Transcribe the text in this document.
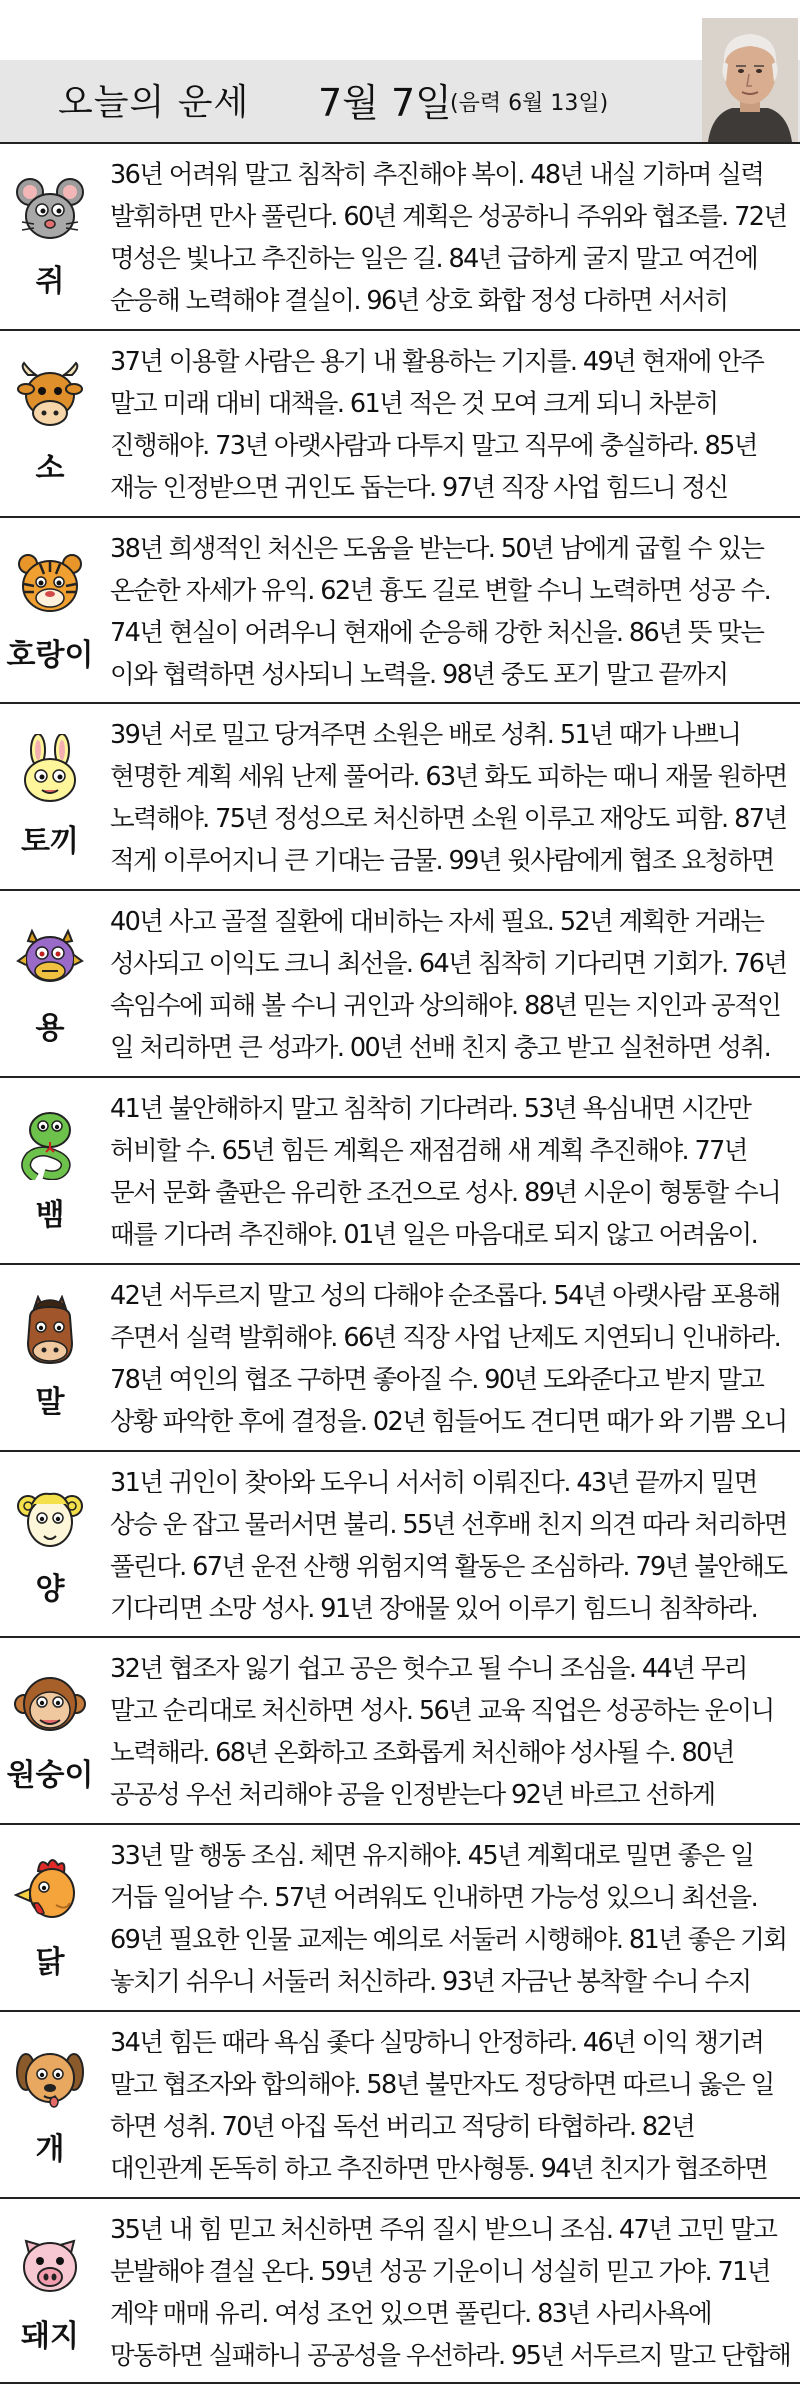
오늘의 운세 7월 7일
(음력 6월 13일)
쥐
36년 어려워 말고 침착히 추진해야 복이. 48년 내실 기하며 실력 발휘하면 만사 풀린다. 60년 계획은 성공하니 주위와 협조를. 72년 명성은 빛나고 추진하는 일은 길. 84년 급하게 굴지 말고 여건에 순응해 노력해야 결실이. 96년 상호 화합 정성 다하면 서서히
소
37년 이용할 사람은 용기 내 활용하는 기지를. 49년 현재에 안주 말고 미래 대비 대책을. 61년 적은 것 모여 크게 되니 차분히 진행해야. 73년 아랫사람과 다투지 말고 직무에 충실하라. 85년 재능 인정받으면 귀인도 돕는다. 97년 직장 사업 힘드니 정신
호랑이
38년 희생적인 처신은 도움을 받는다. 50년 남에게 굽힐 수 있는 온순한 자세가 유익. 62년 흉도 길로 변할 수니 노력하면 성공 수. 74년 현실이 어려우니 현재에 순응해 강한 처신을. 86년 뜻 맞는 이와 협력하면 성사되니 노력을. 98년 중도 포기 말고 끝까지
토끼
39년 서로 밀고 당겨주면 소원은 배로 성취. 51년 때가 나쁘니 현명한 계획 세워 난제 풀어라. 63년 화도 피하는 때니 재물 원하면 노력해야. 75년 정성으로 처신하면 소원 이루고 재앙도 피함. 87년 적게 이루어지니 큰 기대는 금물. 99년 윗사람에게 협조 요청하면
용
40년 사고 골절 질환에 대비하는 자세 필요. 52년 계획한 거래는 성사되고 이익도 크니 최선을. 64년 침착히 기다리면 기회가. 76년 속임수에 피해 볼 수니 귀인과 상의해야. 88년 믿는 지인과 공적인 일 처리하면 큰 성과가. 00년 선배 친지 충고 받고 실천하면 성취.
뱀
41년 불안해하지 말고 침착히 기다려라. 53년 욕심내면 시간만 허비할 수. 65년 힘든 계획은 재점검해 새 계획 추진해야. 77년 문서 문화 출판은 유리한 조건으로 성사. 89년 시운이 형통할 수니 때를 기다려 추진해야. 01년 일은 마음대로 되지 않고 어려움이.
말
42년 서두르지 말고 성의 다해야 순조롭다. 54년 아랫사람 포용해 주면서 실력 발휘해야. 66년 직장 사업 난제도 지연되니 인내하라. 78년 여인의 협조 구하면 좋아질 수. 90년 도와준다고 받지 말고 상황 파악한 후에 결정을. 02년 힘들어도 견디면 때가 와 기쁨 오니
양
31년 귀인이 찾아와 도우니 서서히 이뤄진다. 43년 끝까지 밀면 상승 운 잡고 물러서면 불리. 55년 선후배 친지 의견 따라 처리하면 풀린다. 67년 운전 산행 위험지역 활동은 조심하라. 79년 불안해도 기다리면 소망 성사. 91년 장애물 있어 이루기 힘드니 침착하라.
원숭이
32년 협조자 잃기 쉽고 공은 헛수고 될 수니 조심을. 44년 무리 말고 순리대로 처신하면 성사. 56년 교육 직업은 성공하는 운이니 노력해라. 68년 온화하고 조화롭게 처신해야 성사될 수. 80년 공공성 우선 처리해야 공을 인정받는다 92년 바르고 선하게
닭
33년 말 행동 조심. 체면 유지해야. 45년 계획대로 밀면 좋은 일 거듭 일어날 수. 57년 어려워도 인내하면 가능성 있으니 최선을. 69년 필요한 인물 교제는 예의로 서둘러 시행해야. 81년 좋은 기회 놓치기 쉬우니 서둘러 처신하라. 93년 자금난 봉착할 수니 수지
개
34년 힘든 때라 욕심 좇다 실망하니 안정하라. 46년 이익 챙기려 말고 협조자와 합의해야. 58년 불만자도 정당하면 따르니 옳은 일 하면 성취. 70년 아집 독선 버리고 적당히 타협하라. 82년 대인관계 돈독히 하고 추진하면 만사형통. 94년 친지가 협조하면
돼지
35년 내 힘 믿고 처신하면 주위 질시 받으니 조심. 47년 고민 말고 분발해야 결실 온다. 59년 성공 기운이니 성실히 믿고 가야. 71년 계약 매매 유리. 여성 조언 있으면 풀린다. 83년 사리사욕에 망동하면 실패하니 공공성을 우선하라. 95년 서두르지 말고 단합해
